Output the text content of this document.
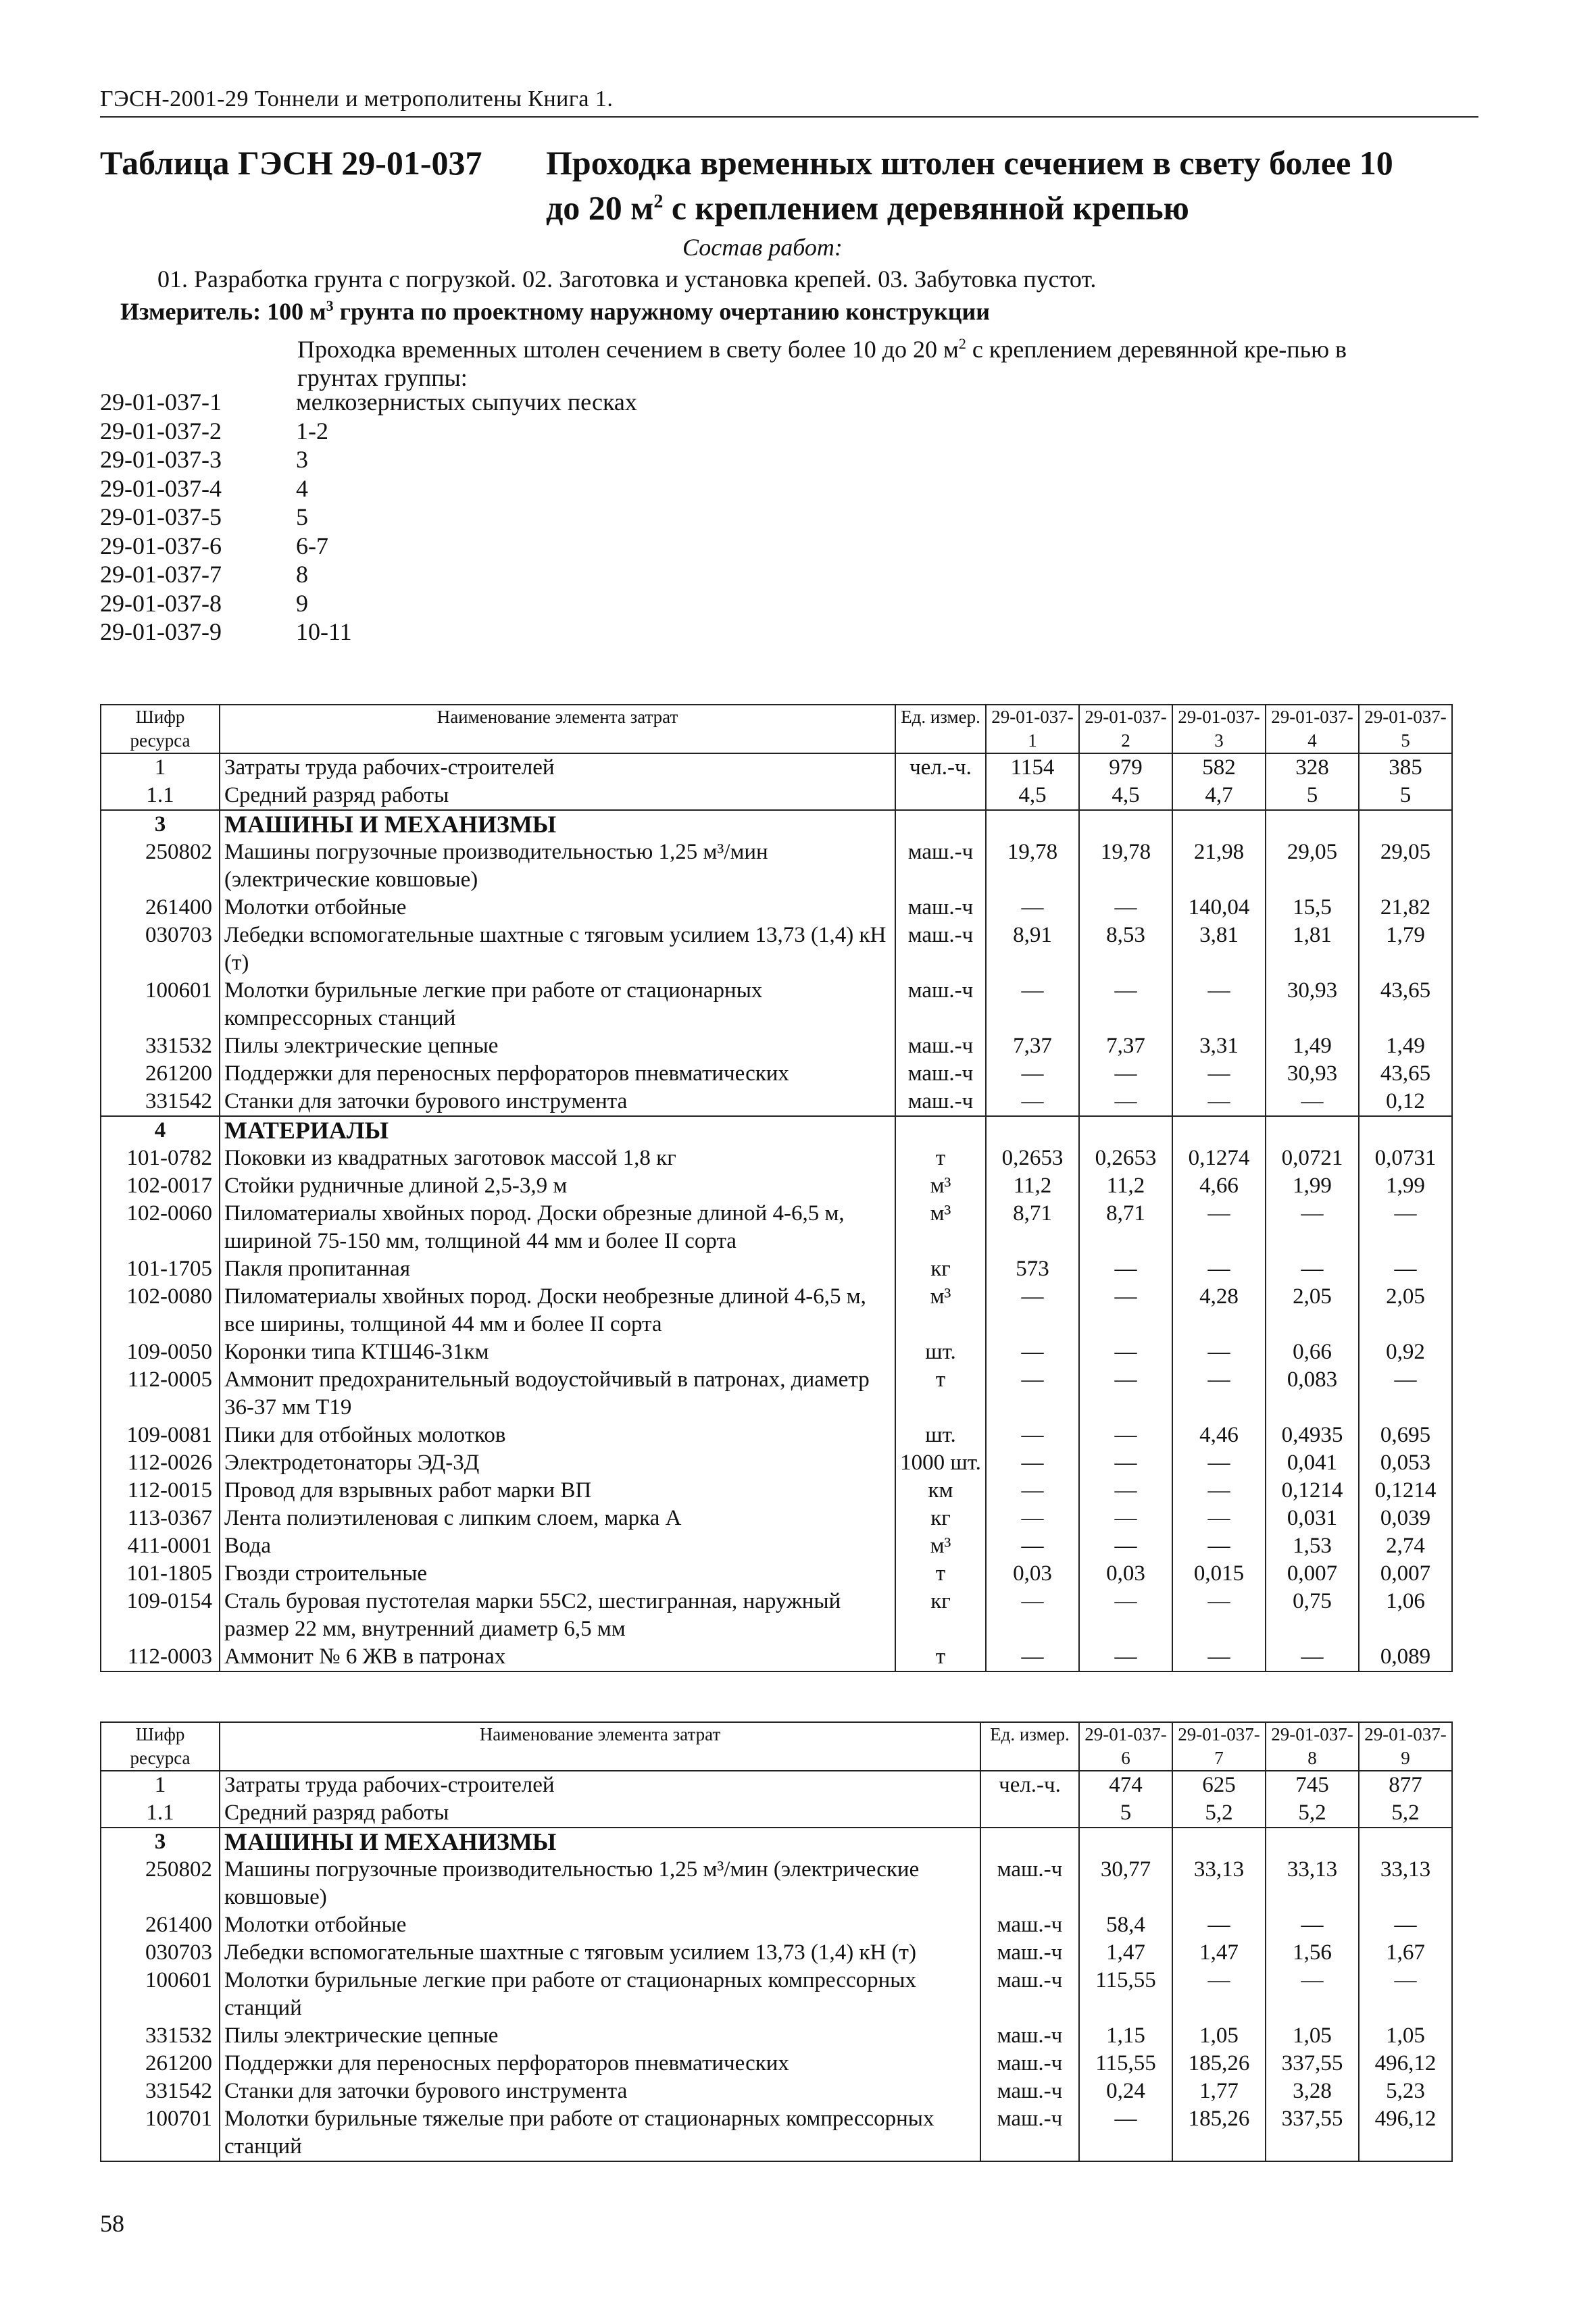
ГЭСН-2001-29 Тоннели и метрополитены Книга 1.
Таблица ГЭСН 29-01-037 Проходка временных штолен сечением в свету более 10
до 20 $м^2$ с креплением деревянной крепью
Состав работ:
01. Разработка грунта с погрузкой. 02. Заготовка и установка крепей. 03. Забутовка пустот.
Измеритель: 100 $м^3$ грунта по проектному наружному очертанию конструкции
Проходка временных штолен сечением в свету более 10 до 20 $м^2$ с креплением деревянной кре-пью в грунтах группы:
29-01-037-1	мелкозернистых сыпучих песках
29-01-037-2	1-2
29-01-037-3	3
29-01-037-4	4
29-01-037-5	5
29-01-037-6	6-7
29-01-037-7	8
29-01-037-8	9
29-01-037-9	10-11
Шифр ресурса	Наименование элемента затрат	Ед. измер.	29-01-037-1	29-01-037-2	29-01-037-3	29-01-037-4	29-01-037-5
1	Затраты труда рабочих-строителей	чел.-ч.	1154	979	582	328	385
1.1	Средний разряд работы		4,5	4,5	4,7	5	5
3	МАШИНЫ И МЕХАНИЗМЫ						
250802	Машины погрузочные производительностью 1,25 м³/мин (электрические ковшовые)	маш.-ч	19,78	19,78	21,98	29,05	29,05
261400	Молотки отбойные	маш.-ч	—	—	140,04	15,5	21,82
030703	Лебедки вспомогательные шахтные с тяговым усилием 13,73 (1,4) кН (т)	маш.-ч	8,91	8,53	3,81	1,81	1,79
100601	Молотки бурильные легкие при работе от стационарных компрессорных станций	маш.-ч	—	—	—	30,93	43,65
331532	Пилы электрические цепные	маш.-ч	7,37	7,37	3,31	1,49	1,49
261200	Поддержки для переносных перфораторов пневматических	маш.-ч	—	—	—	30,93	43,65
331542	Станки для заточки бурового инструмента	маш.-ч	—	—	—	—	0,12
4	МАТЕРИАЛЫ						
101-0782	Поковки из квадратных заготовок массой 1,8 кг	т	0,2653	0,2653	0,1274	0,0721	0,0731
102-0017	Стойки рудничные длиной 2,5-3,9 м	м³	11,2	11,2	4,66	1,99	1,99
102-0060	Пиломатериалы хвойных пород. Доски обрезные длиной 4-6,5 м, шириной 75-150 мм, толщиной 44 мм и более II сорта	м³	8,71	8,71	—	—	—
101-1705	Пакля пропитанная	кг	573	—	—	—	—
102-0080	Пиломатериалы хвойных пород. Доски необрезные длиной 4-6,5 м, все ширины, толщиной 44 мм и более II сорта	м³	—	—	4,28	2,05	2,05
109-0050	Коронки типа КТШ46-31км	шт.	—	—	—	0,66	0,92
112-0005	Аммонит предохранительный водоустойчивый в патронах, диаметр 36-37 мм Т19	т	—	—	—	0,083	—
109-0081	Пики для отбойных молотков	шт.	—	—	4,46	0,4935	0,695
112-0026	Электродетонаторы ЭД-3Д	1000 шт.	—	—	—	0,041	0,053
112-0015	Провод для взрывных работ марки ВП	км	—	—	—	0,1214	0,1214
113-0367	Лента полиэтиленовая с липким слоем, марка А	кг	—	—	—	0,031	0,039
411-0001	Вода	м³	—	—	—	1,53	2,74
101-1805	Гвозди строительные	т	0,03	0,03	0,015	0,007	0,007
109-0154	Сталь буровая пустотелая марки 55С2, шестигранная, наружный размер 22 мм, внутренний диаметр 6,5 мм	кг	—	—	—	0,75	1,06
112-0003	Аммонит № 6 ЖВ в патронах	т	—	—	—	—	0,089
Шифр ресурса	Наименование элемента затрат	Ед. измер.	29-01-037-6	29-01-037-7	29-01-037-8	29-01-037-9
1	Затраты труда рабочих-строителей	чел.-ч.	474	625	745	877
1.1	Средний разряд работы		5	5,2	5,2	5,2
3	МАШИНЫ И МЕХАНИЗМЫ					
250802	Машины погрузочные производительностью 1,25 м³/мин (электрические ковшовые)	маш.-ч	30,77	33,13	33,13	33,13
261400	Молотки отбойные	маш.-ч	58,4	—	—	—
030703	Лебедки вспомогательные шахтные с тяговым усилием 13,73 (1,4) кН (т)	маш.-ч	1,47	1,47	1,56	1,67
100601	Молотки бурильные легкие при работе от стационарных компрессорных станций	маш.-ч	115,55	—	—	—
331532	Пилы электрические цепные	маш.-ч	1,15	1,05	1,05	1,05
261200	Поддержки для переносных перфораторов пневматических	маш.-ч	115,55	185,26	337,55	496,12
331542	Станки для заточки бурового инструмента	маш.-ч	0,24	1,77	3,28	5,23
100701	Молотки бурильные тяжелые при работе от стационарных компрессорных станций	маш.-ч	—	185,26	337,55	496,12
58
